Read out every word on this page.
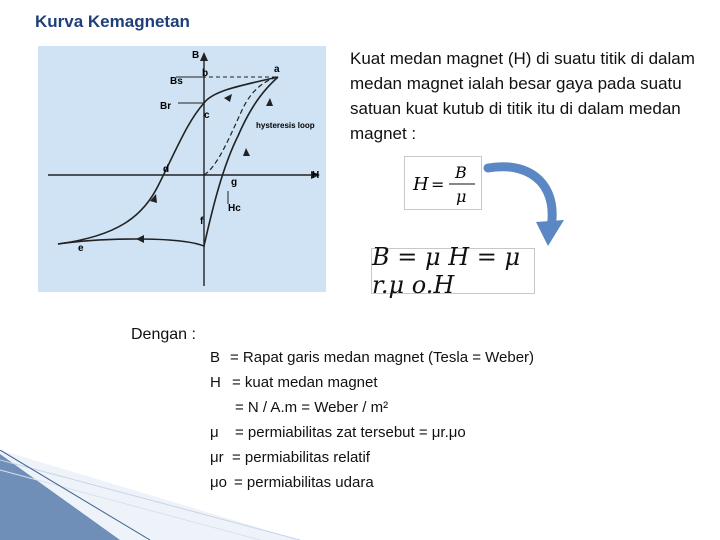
Kurva Kemagnetan
B
H
Bs
Br
Hc
a
b
c
d
e
f
g
hysteresis loop
Kuat medan magnet (H) di suatu titik di dalam medan magnet ialah besar gaya pada suatu satuan kuat kutub di titik itu di dalam medan magnet :
H =
B
μ
B = μ H = μ r.μ o.H
Dengan :
B = Rapat garis medan magnet (Tesla = Weber)
H = kuat medan magnet
= N / A.m = Weber / m²
μ = permiabilitas zat tersebut = μr.μo
μr = permiabilitas relatif
μo = permiabilitas udara
